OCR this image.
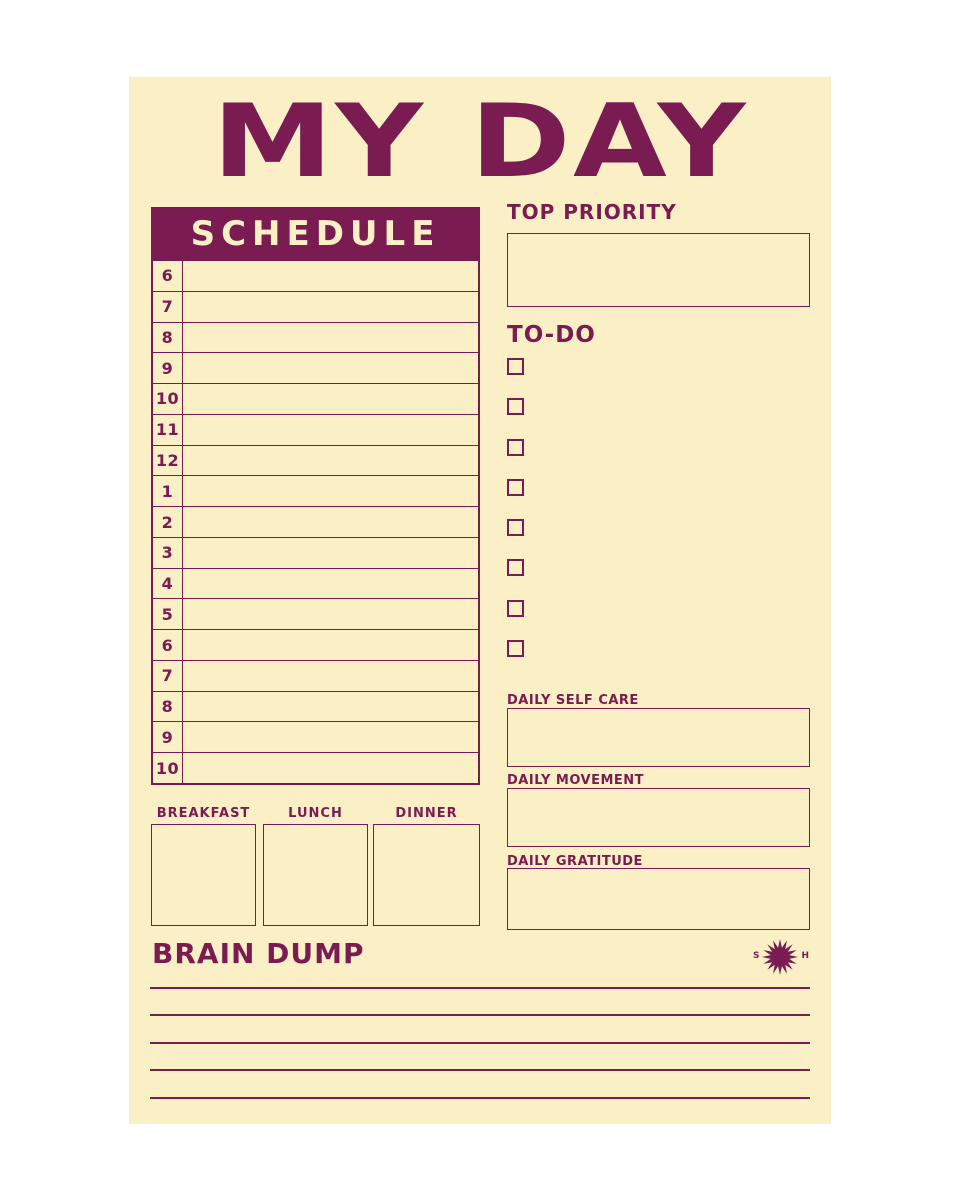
MY DAY
SCHEDULE
6
7
8
9
10
11
12
1
2
3
4
5
6
7
8
9
10
TOP PRIORITY
TO-DO
DAILY SELF CARE
DAILY MOVEMENT
DAILY GRATITUDE
BREAKFAST	LUNCH	DINNER
BRAIN DUMP	S	H
